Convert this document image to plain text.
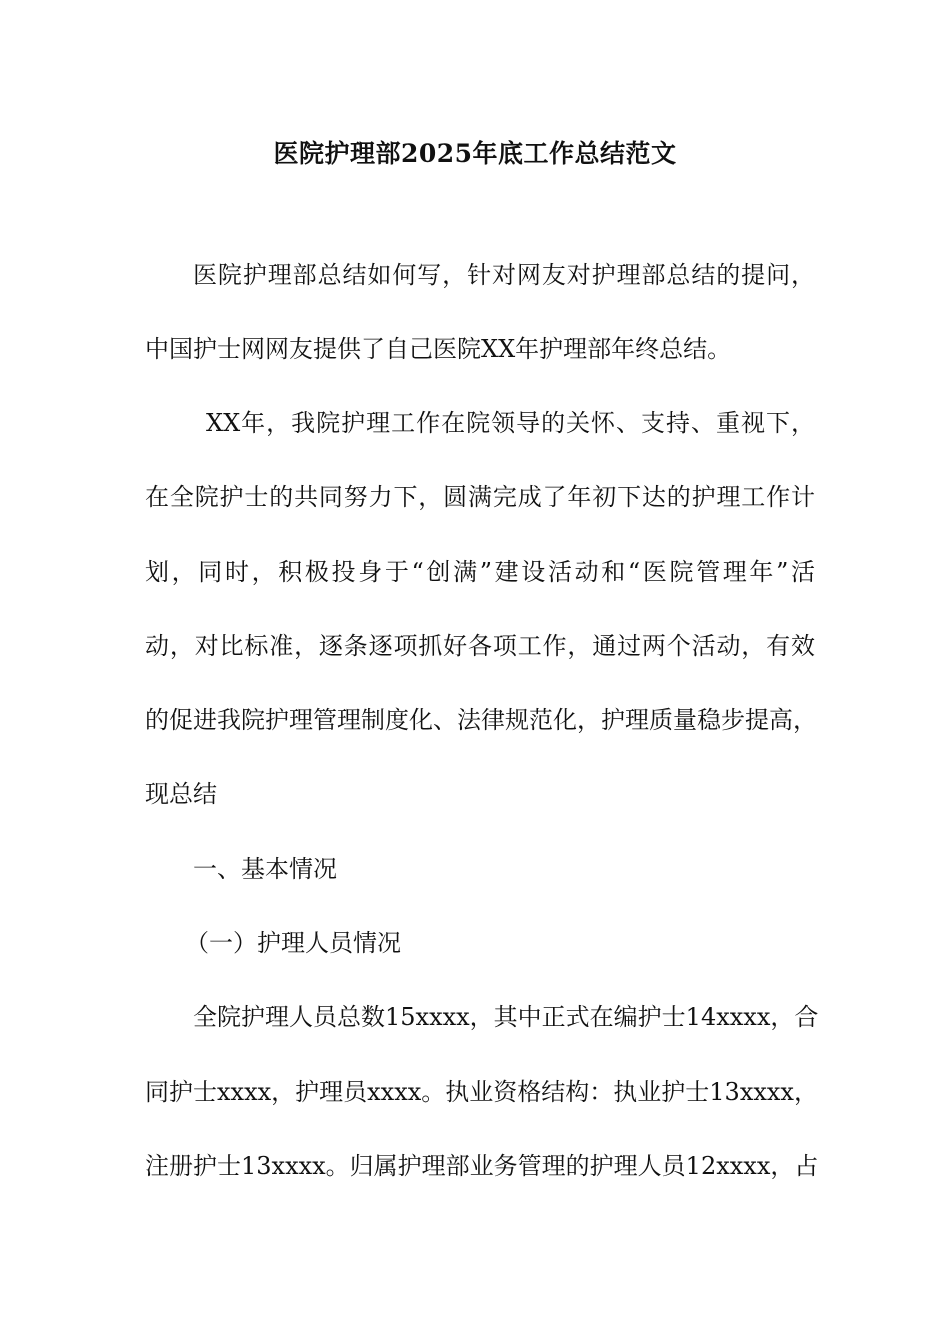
医院护理部2025年底工作总结范文
医院护理部总结如何写，针对网友对护理部总结的提问，
中国护士网网友提供了自己医院XX年护理部年终总结。
XX年，我院护理工作在院领导的关怀、支持、重视下，
在全院护士的共同努力下，圆满完成了年初下达的护理工作计
划，同时，积极投身于“创满”建设活动和“医院管理年”活
动，对比标准，逐条逐项抓好各项工作，通过两个活动，有效
的促进我院护理管理制度化、法律规范化，护理质量稳步提高，
现总结
一、基本情况
（一）护理人员情况
全院护理人员总数15xxxx，其中正式在编护士14xxxx，合
同护士xxxx，护理员xxxx。执业资格结构：执业护士13xxxx，
注册护士13xxxx。归属护理部业务管理的护理人员12xxxx，占
